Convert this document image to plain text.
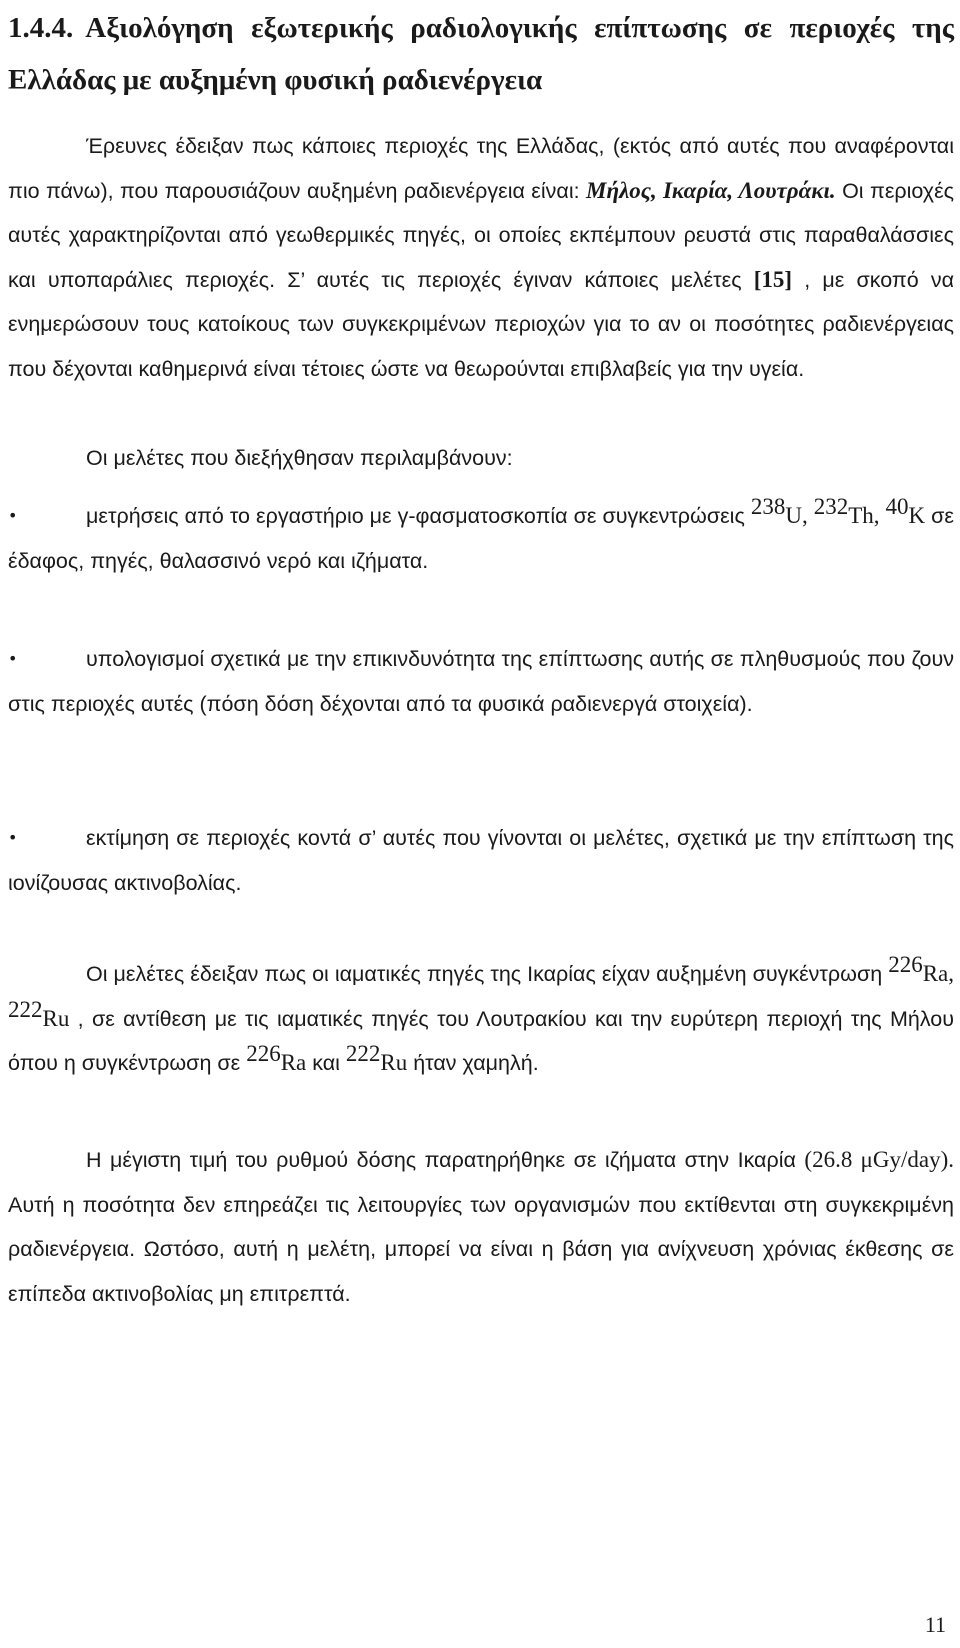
1.4.4. Αξιολόγηση εξωτερικής ραδιολογικής επίπτωσης σε περιοχές της Ελλάδας με αυξημένη φυσική ραδιενέργεια

Έρευνες έδειξαν πως κάποιες περιοχές της Ελλάδας, (εκτός από αυτές που αναφέρονται πιο πάνω), που παρουσιάζουν αυξημένη ραδιενέργεια είναι: Μήλος, Ικαρία, Λουτράκι. Οι περιοχές αυτές χαρακτηρίζονται από γεωθερμικές πηγές, οι οποίες εκπέμπουν ρευστά στις παραθαλάσσιες και υποπαράλιες περιοχές. Σ’ αυτές τις περιοχές έγιναν κάποιες μελέτες [15] , με σκοπό να ενημερώσουν τους κατοίκους των συγκεκριμένων περιοχών για το αν οι ποσότητες ραδιενέργειας που δέχονται καθημερινά είναι τέτοιες ώστε να θεωρούνται επιβλαβείς για την υγεία.

Οι μελέτες που διεξήχθησαν περιλαμβάνουν:

•	μετρήσεις από το εργαστήριο με γ-φασματοσκοπία σε συγκεντρώσεις $^{238}$U, $^{232}$Th, $^{40}$K σε έδαφος, πηγές, θαλασσινό νερό και ιζήματα.

•	υπολογισμοί σχετικά με την επικινδυνότητα της επίπτωσης αυτής σε πληθυσμούς που ζουν στις περιοχές αυτές (πόση δόση δέχονται από τα φυσικά ραδιενεργά στοιχεία).

•	εκτίμηση σε περιοχές κοντά σ’ αυτές που γίνονται οι μελέτες, σχετικά με την επίπτωση της ιονίζουσας ακτινοβολίας.

Οι μελέτες έδειξαν πως οι ιαματικές πηγές της Ικαρίας είχαν αυξημένη συγκέντρωση $^{226}$Ra, $^{222}$Ru , σε αντίθεση με τις ιαματικές πηγές του Λουτρακίου και την ευρύτερη περιοχή της Μήλου όπου η συγκέντρωση σε $^{226}$Ra και $^{222}$Ru ήταν χαμηλή.

Η μέγιστη τιμή του ρυθμού δόσης παρατηρήθηκε σε ιζήματα στην Ικαρία (26.8 μGy/day). Αυτή η ποσότητα δεν επηρεάζει τις λειτουργίες των οργανισμών που εκτίθενται στη συγκεκριμένη ραδιενέργεια. Ωστόσο, αυτή η μελέτη, μπορεί να είναι η βάση για ανίχνευση χρόνιας έκθεσης σε επίπεδα ακτινοβολίας μη επιτρεπτά.

11
